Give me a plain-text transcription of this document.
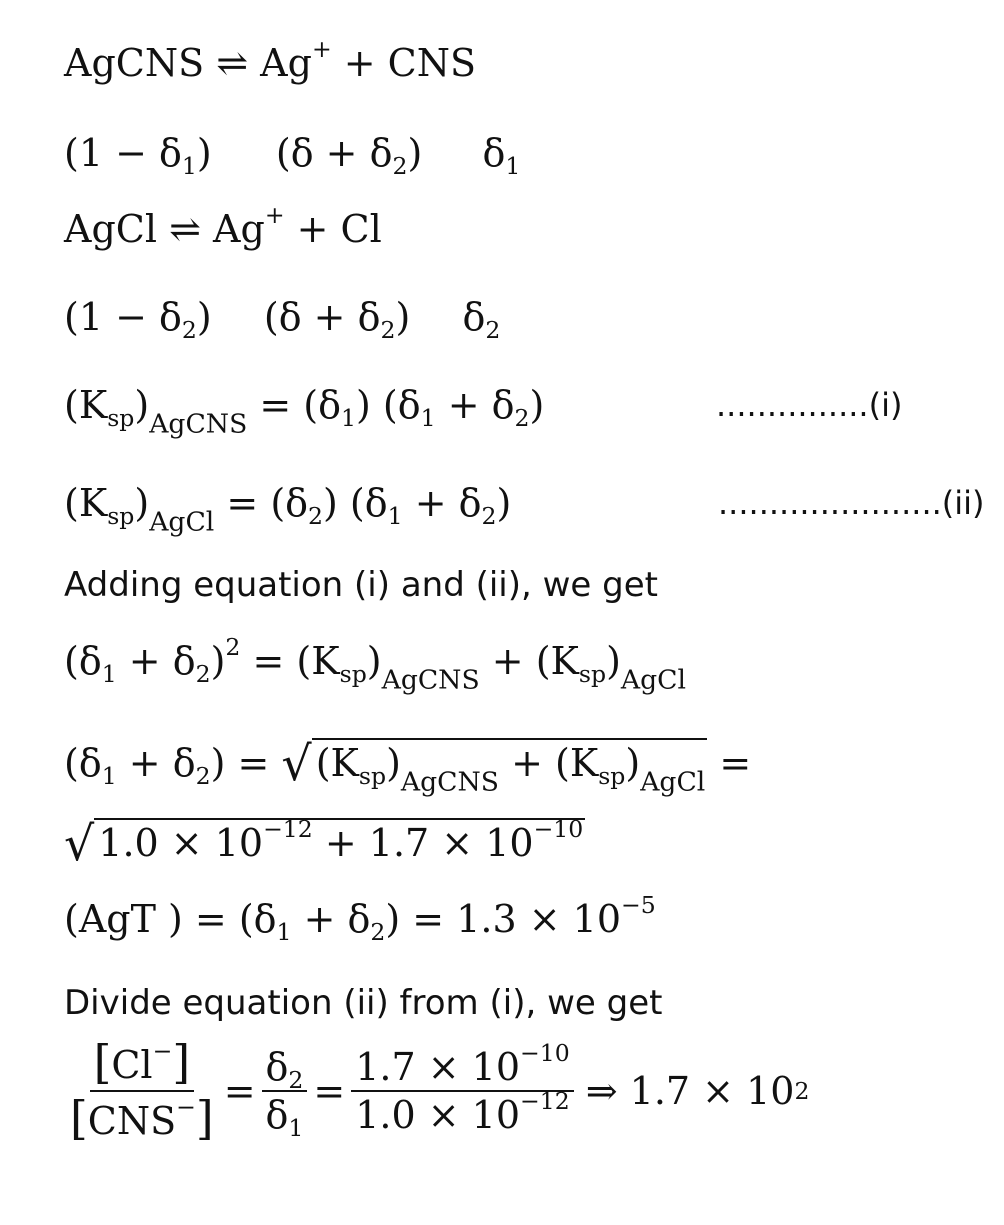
AgCNS ⇌ Ag+ + CNS
$(1 - \delta_1)$ $(\delta + \delta_2)$ $\delta_1$
AgCl ⇌ Ag+ + Cl
$(1 - \delta_2)$ $(\delta + \delta_2)$ $\delta_2$
$(K_{sp})_{AgCNS} = (\delta_1) (\delta_1 + \delta_2)$	...............(i)
$(K_{sp})_{AgCl} = (\delta_2) (\delta_1 + \delta_2)$	......................(ii)
Adding equation (i) and (ii), we get
$(\delta_1 + \delta_2)^2 = (K_{sp})_{AgCNS} + (K_{sp})_{AgCl}$
$(\delta_1 + \delta_2)$ = √ $(K_{sp})_{AgCNS} + (K_{sp})_{AgCl}$ =
√ $1.0 \times 10^{-12} + 1.7 \times 10^{-10}$
(AgT ) = $(\delta_1 + \delta_2) = 1.3 \times 10^{-5}$
Divide equation (ii) from (i), we get
$\frac{[Cl^-]}{[CNS^-]} = \frac{\delta_2}{\delta_1} = \frac{1.7 \times 10^{-10}}{1.0 \times 10^{-12}}$ ⇒ 1.7 × 10 2
